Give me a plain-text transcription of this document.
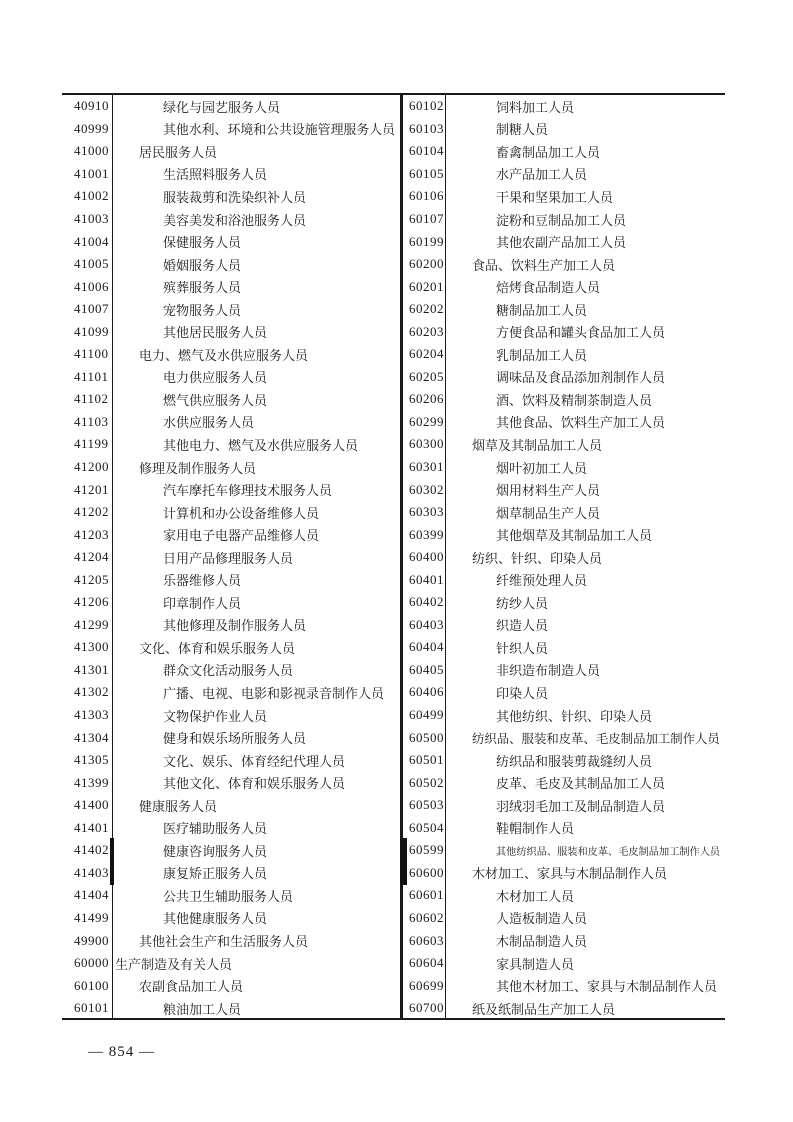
40910	绿化与园艺服务人员
40999	其他水利、环境和公共设施管理服务人员
41000	居民服务人员
41001	生活照料服务人员
41002	服装裁剪和洗染织补人员
41003	美容美发和浴池服务人员
41004	保健服务人员
41005	婚姻服务人员
41006	殡葬服务人员
41007	宠物服务人员
41099	其他居民服务人员
41100	电力、燃气及水供应服务人员
41101	电力供应服务人员
41102	燃气供应服务人员
41103	水供应服务人员
41199	其他电力、燃气及水供应服务人员
41200	修理及制作服务人员
41201	汽车摩托车修理技术服务人员
41202	计算机和办公设备维修人员
41203	家用电子电器产品维修人员
41204	日用产品修理服务人员
41205	乐器维修人员
41206	印章制作人员
41299	其他修理及制作服务人员
41300	文化、体育和娱乐服务人员
41301	群众文化活动服务人员
41302	广播、电视、电影和影视录音制作人员
41303	文物保护作业人员
41304	健身和娱乐场所服务人员
41305	文化、娱乐、体育经纪代理人员
41399	其他文化、体育和娱乐服务人员
41400	健康服务人员
41401	医疗辅助服务人员
41402	健康咨询服务人员
41403	康复矫正服务人员
41404	公共卫生辅助服务人员
41499	其他健康服务人员
49900	其他社会生产和生活服务人员
60000 生产制造及有关人员
60100	农副食品加工人员
60101	粮油加工人员
60102	饲料加工人员
60103	制糖人员
60104	畜禽制品加工人员
60105	水产品加工人员
60106	干果和坚果加工人员
60107	淀粉和豆制品加工人员
60199	其他农副产品加工人员
60200	食品、饮料生产加工人员
60201	焙烤食品制造人员
60202	糖制品加工人员
60203	方便食品和罐头食品加工人员
60204	乳制品加工人员
60205	调味品及食品添加剂制作人员
60206	酒、饮料及精制茶制造人员
60299	其他食品、饮料生产加工人员
60300	烟草及其制品加工人员
60301	烟叶初加工人员
60302	烟用材料生产人员
60303	烟草制品生产人员
60399	其他烟草及其制品加工人员
60400	纺织、针织、印染人员
60401	纤维预处理人员
60402	纺纱人员
60403	织造人员
60404	针织人员
60405	非织造布制造人员
60406	印染人员
60499	其他纺织、针织、印染人员
60500	纺织品、服装和皮革、毛皮制品加工制作人员
60501	纺织品和服装剪裁缝纫人员
60502	皮革、毛皮及其制品加工人员
60503	羽绒羽毛加工及制品制造人员
60504	鞋帽制作人员
60599	其他纺织品、服装和皮革、毛皮制品加工制作人员
60600	木材加工、家具与木制品制作人员
60601	木材加工人员
60602	人造板制造人员
60603	木制品制造人员
60604	家具制造人员
60699	其他木材加工、家具与木制品制作人员
60700	纸及纸制品生产加工人员
— 854 —
